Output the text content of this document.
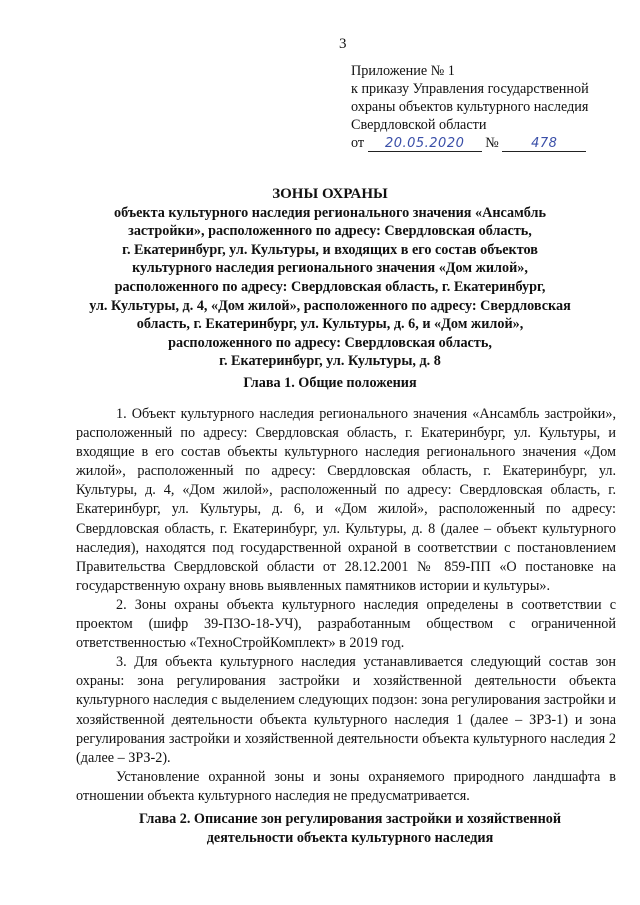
3
Приложение № 1
к приказу Управления государственной
охраны объектов культурного наследия
Свердловской области
от 20.05.2020 № 478
ЗОНЫ ОХРАНЫ
объекта культурного наследия регионального значения «Ансамбль
застройки», расположенного по адресу: Свердловская область,
г. Екатеринбург, ул. Культуры, и входящих в его состав объектов
культурного наследия регионального значения «Дом жилой»,
расположенного по адресу: Свердловская область, г. Екатеринбург,
ул. Культуры, д. 4, «Дом жилой», расположенного по адресу: Свердловская
область, г. Екатеринбург, ул. Культуры, д. 6, и «Дом жилой»,
расположенного по адресу: Свердловская область,
г. Екатеринбург, ул. Культуры, д. 8
Глава 1. Общие положения

1. Объект культурного наследия регионального значения «Ансамбль застройки», расположенный по адресу: Свердловская область, г. Екатеринбург, ул. Культуры, и входящие в его состав объекты культурного наследия регионального значения «Дом жилой», расположенный по адресу: Свердловская область, г. Екатеринбург, ул. Культуры, д. 4, «Дом жилой», расположенный по адресу: Свердловская область, г. Екатеринбург, ул. Культуры, д. 6, и «Дом жилой», расположенный по адресу: Свердловская область, г. Екатеринбург, ул. Культуры, д. 8 (далее – объект культурного наследия), находятся под государственной охраной в соответствии с постановлением Правительства Свердловской области от 28.12.2001 № 859-ПП «О постановке на государственную охрану вновь выявленных памятников истории и культуры».

2. Зоны охраны объекта культурного наследия определены в соответствии с проектом (шифр 39-ПЗО-18-УЧ), разработанным обществом с ограниченной ответственностью «ТехноСтройКомплект» в 2019 год.

3. Для объекта культурного наследия устанавливается следующий состав зон охраны: зона регулирования застройки и хозяйственной деятельности объекта культурного наследия с выделением следующих подзон: зона регулирования застройки и хозяйственной деятельности объекта культурного наследия 1 (далее – ЗРЗ-1) и зона регулирования застройки и хозяйственной деятельности объекта культурного наследия 2 (далее – ЗРЗ-2).

Установление охранной зоны и зоны охраняемого природного ландшафта в отношении объекта культурного наследия не предусматривается.

Глава 2. Описание зон регулирования застройки и хозяйственной
деятельности объекта культурного наследия
